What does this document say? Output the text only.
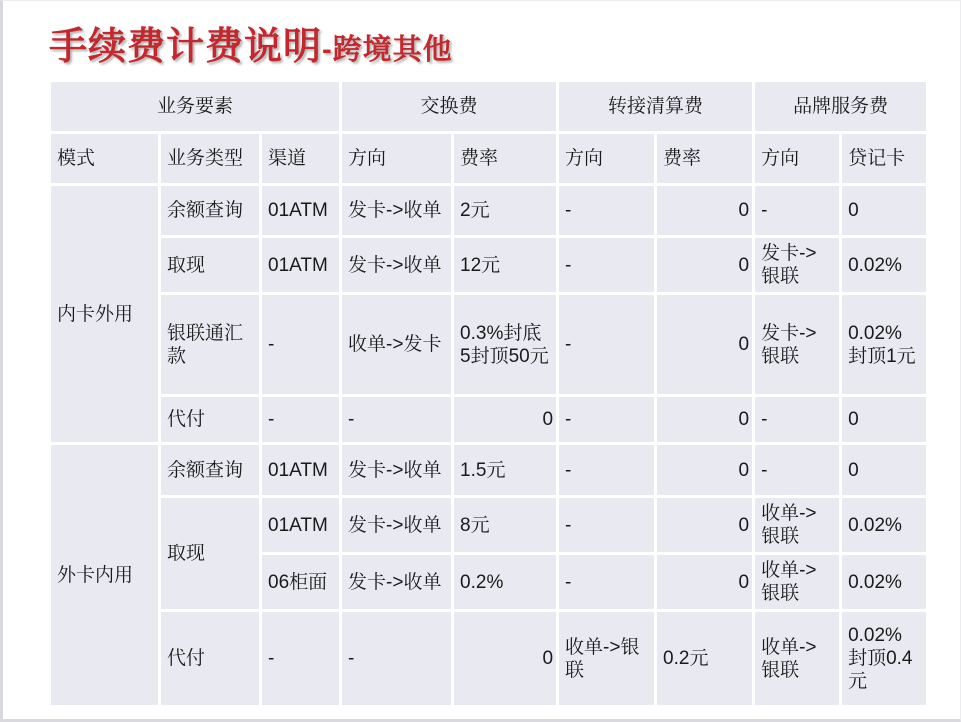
手续费计费说明-跨境其他
业务要素			交换费		转接清算费		品牌服务费	
模式	业务类型	渠道	方向	费率	方向	费率	方向	贷记卡
内卡外用	余额查询	01ATM	发卡->收单	2元	-	0	-	0
	取现	01ATM	发卡->收单	12元	-	0	发卡->银联	0.02%
	银联通汇款	-	收单->发卡	0.3%封底5封顶50元	-	0	发卡->银联	0.02%封顶1元
	代付	-	-	0	-	0	-	0
外卡内用	余额查询	01ATM	发卡->收单	1.5元	-	0	-	0
	取现	01ATM	发卡->收单	8元	-	0	收单->银联	0.02%
		06柜面	发卡->收单	0.2%	-	0	收单->银联	0.02%
	代付	-	-	0	收单->银联	0.2元	收单->银联	0.02%封顶0.4元
